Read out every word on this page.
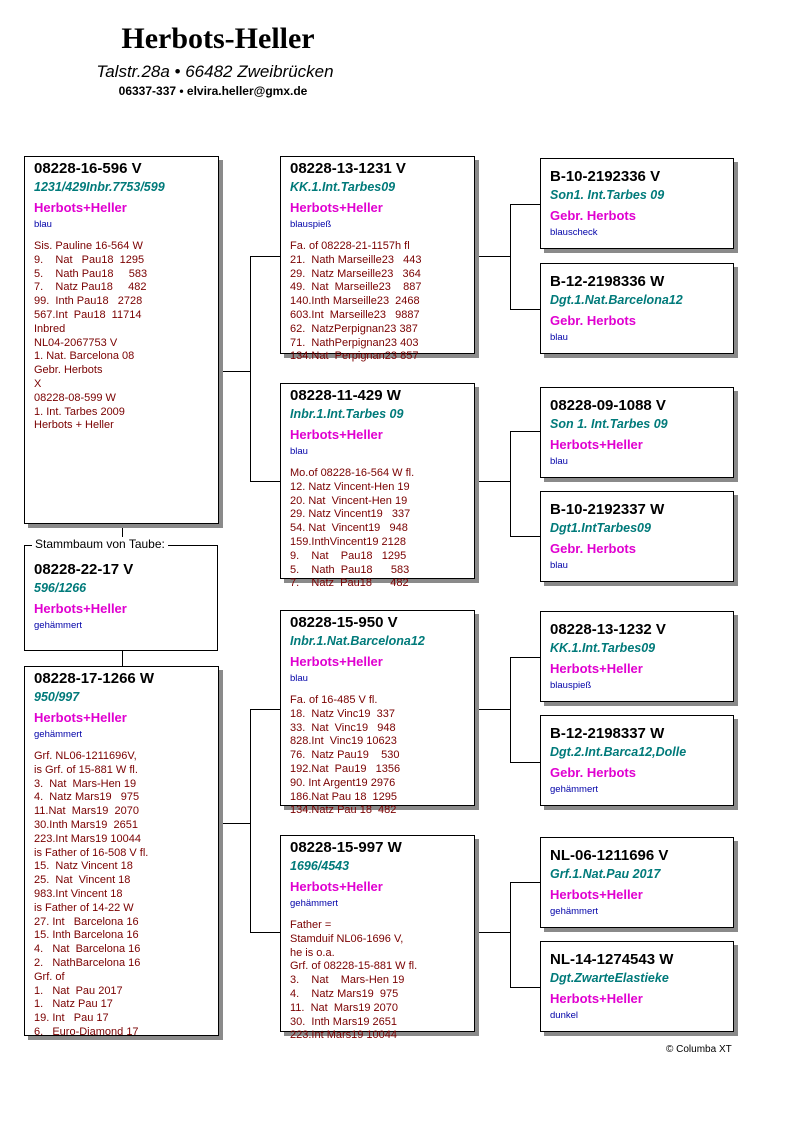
Herbots-Heller
Talstr.28a • 66482 Zweibrücken
06337-337 • elvira.heller@gmx.de
08228-16-596 V
1231/429Inbr.7753/599
Herbots+Heller
blau
Sis. Pauline 16-564 W
9.    Nat   Pau18  1295
5.    Nath Pau18     583
7.    Natz Pau18     482
99.  Inth Pau18   2728
567.Int  Pau18  11714
Inbred
NL04-2067753 V
1. Nat. Barcelona 08
Gebr. Herbots
X
08228-08-599 W
1. Int. Tarbes 2009
Herbots + Heller
08228-22-17 V
596/1266
Herbots+Heller
gehämmert
Stammbaum von Taube:
08228-17-1266 W
950/997
Herbots+Heller
gehämmert
Grf. NL06-1211696V,
is Grf. of 15-881 W fl.
3.  Nat  Mars-Hen 19
4.  Natz Mars19   975
11.Nat  Mars19  2070
30.Inth Mars19  2651
223.Int Mars19 10044
is Father of 16-508 V fl.
15.  Natz Vincent 18
25.  Nat  Vincent 18
983.Int Vincent 18
is Father of 14-22 W
27. Int   Barcelona 16
15. Inth Barcelona 16
4.   Nat  Barcelona 16
2.   NathBarcelona 16
Grf. of
1.   Nat  Pau 2017
1.   Natz Pau 17
19. Int   Pau 17
6.   Euro-Diamond 17
08228-13-1231 V
KK.1.Int.Tarbes09
Herbots+Heller
blauspieß
Fa. of 08228-21-1157h fl
21.  Nath Marseille23   443
29.  Natz Marseille23   364
49.  Nat  Marseille23    887
140.Inth Marseille23  2468
603.Int  Marseille23   9887
62.  NatzPerpignan23 387
71.  NathPerpignan23 403
134.Nat  Perpignan23 857
08228-11-429 W
Inbr.1.Int.Tarbes 09
Herbots+Heller
blau
Mo.of 08228-16-564 W fl.
12. Natz Vincent-Hen 19
20. Nat  Vincent-Hen 19
29. Natz Vincent19   337
54. Nat  Vincent19   948
159.InthVincent19 2128
9.    Nat    Pau18   1295
5.    Nath  Pau18      583
7.    Natz  Pau18      482
08228-15-950 V
Inbr.1.Nat.Barcelona12
Herbots+Heller
blau
Fa. of 16-485 V fl.
18.  Natz Vinc19  337
33.  Nat  Vinc19   948
828.Int  Vinc19 10623
76.  Natz Pau19    530
192.Nat  Pau19   1356
90. Int Argent19 2976
186.Nat Pau 18  1295
134.Natz Pau 18  482
08228-15-997 W
1696/4543
Herbots+Heller
gehämmert
Father =
Stamduif NL06-1696 V,
he is o.a.
Grf. of 08228-15-881 W fl.
3.    Nat    Mars-Hen 19
4.    Natz Mars19  975
11.  Nat  Mars19 2070
30.  Inth Mars19 2651
223.Int Mars19 10044
B-10-2192336 V
Son1. Int.Tarbes 09
Gebr. Herbots
blauscheck
B-12-2198336 W
Dgt.1.Nat.Barcelona12
Gebr. Herbots
blau
08228-09-1088 V
Son 1. Int.Tarbes 09
Herbots+Heller
blau
B-10-2192337 W
Dgt1.IntTarbes09
Gebr. Herbots
blau
08228-13-1232 V
KK.1.Int.Tarbes09
Herbots+Heller
blauspieß
B-12-2198337 W
Dgt.2.Int.Barca12,Dolle
Gebr. Herbots
gehämmert
NL-06-1211696 V
Grf.1.Nat.Pau 2017
Herbots+Heller
gehämmert
NL-14-1274543 W
Dgt.ZwarteElastieke
Herbots+Heller
dunkel
© Columba XT
